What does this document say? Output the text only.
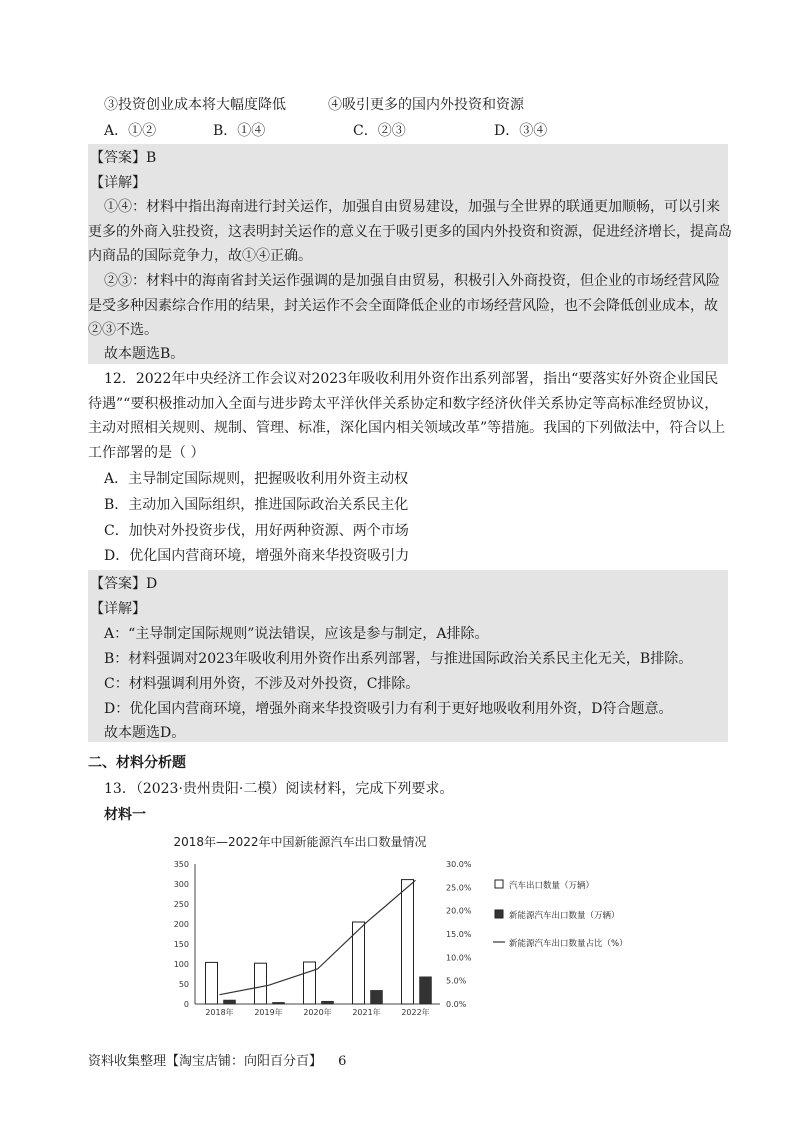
③投资创业成本将大幅度降低	④吸引更多的国内外投资和资源
A．①②	B．①④	C．②③	D．③④
【答案】B
【详解】
①④：材料中指出海南进行封关运作，加强自由贸易建设，加强与全世界的联通更加顺畅，可以引来
更多的外商入驻投资，这表明封关运作的意义在于吸引更多的国内外投资和资源，促进经济增长，提高岛
内商品的国际竞争力，故①④正确。
②③：材料中的海南省封关运作强调的是加强自由贸易，积极引入外商投资，但企业的市场经营风险
是受多种因素综合作用的结果，封关运作不会全面降低企业的市场经营风险，也不会降低创业成本，故
②③不选。
故本题选B。
12．2022年中央经济工作会议对2023年吸收利用外资作出系列部署，指出“要落实好外资企业国民
待遇”“要积极推动加入全面与进步跨太平洋伙伴关系协定和数字经济伙伴关系协定等高标准经贸协议，
主动对照相关规则、规制、管理、标准，深化国内相关领域改革”等措施。我国的下列做法中，符合以上
工作部署的是（ ）
A．主导制定国际规则，把握吸收利用外资主动权
B．主动加入国际组织，推进国际政治关系民主化
C．加快对外投资步伐，用好两种资源、两个市场
D．优化国内营商环境，增强外商来华投资吸引力
【答案】D
【详解】
A：“主导制定国际规则”说法错误，应该是参与制定，A排除。
B：材料强调对2023年吸收利用外资作出系列部署，与推进国际政治关系民主化无关，B排除。
C：材料强调利用外资，不涉及对外投资，C排除。
D：优化国内营商环境，增强外商来华投资吸引力有利于更好地吸收利用外资，D符合题意。
故本题选D。
二、材料分析题
13．（2023·贵州贵阳·二模）阅读材料，完成下列要求。
材料一
2018年—2022年中国新能源汽车出口数量情况
0
50
100
150
200
250
300
350
0.0%
5.0%
10.0%
15.0%
20.0%
25.0%
30.0%
2018年	2019年	2020年	2021年	2022年
汽车出口数量（万辆）
新能源汽车出口数量（万辆）
新能源汽车出口数量占比（%）
资料收集整理【淘宝店铺：向阳百分百】 6
